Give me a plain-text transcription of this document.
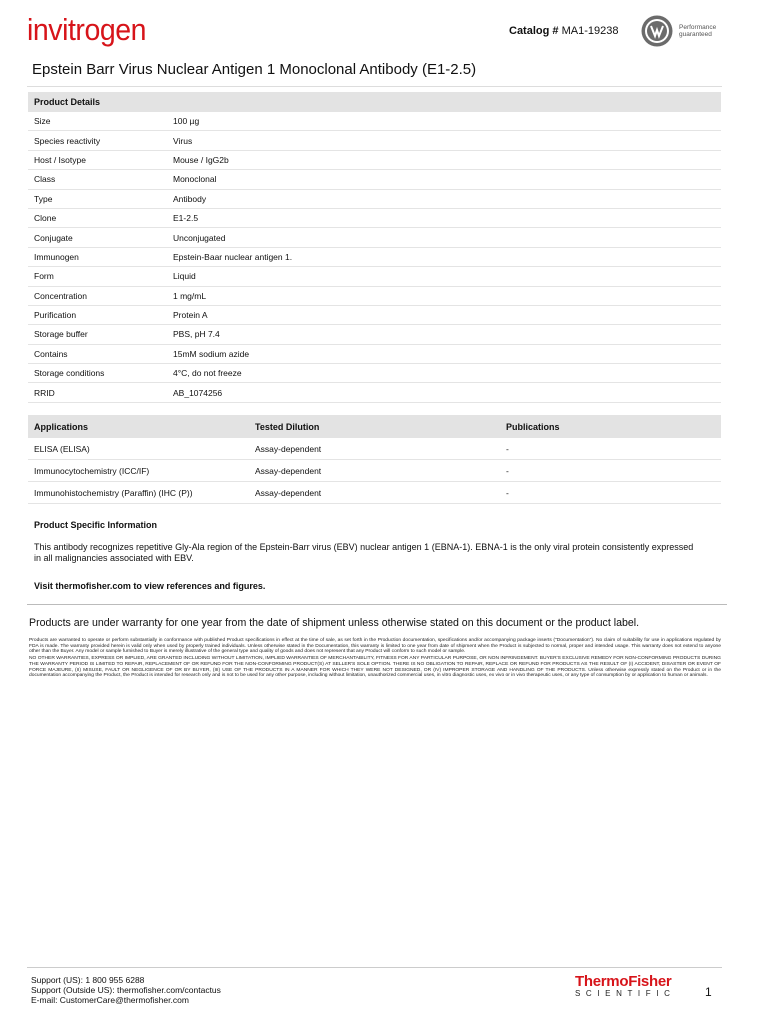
invitrogen	Catalog # MA1-19238	Performance
guaranteed
Epstein Barr Virus Nuclear Antigen 1 Monoclonal Antibody (E1-2.5)
Product Details	
Size	100 µg
Species reactivity	Virus
Host / Isotype	Mouse / IgG2b
Class	Monoclonal
Type	Antibody
Clone	E1-2.5
Conjugate	Unconjugated
Immunogen	Epstein-Baar nuclear antigen 1.
Form	Liquid
Concentration	1 mg/mL
Purification	Protein A
Storage buffer	PBS, pH 7.4
Contains	15mM sodium azide
Storage conditions	4°C, do not freeze
RRID	AB_1074256
Applications	Tested Dilution	Publications
ELISA (ELISA)	Assay-dependent	-
Immunocytochemistry (ICC/IF)	Assay-dependent	-
Immunohistochemistry (Paraffin) (IHC (P))	Assay-dependent	-
Product Specific Information
This antibody recognizes repetitive Gly-Ala region of the Epstein-Barr virus (EBV) nuclear antigen 1 (EBNA-1). EBNA-1 is the only viral protein consistently expressed in all malignancies associated with EBV.
Visit thermofisher.com to view references and figures.
Products are under warranty for one year from the date of shipment unless otherwise stated on this document or the product label.

Products are warranted to operate or perform substantially in conformance with published Product specifications in effect at the time of sale, as set forth in the Production documentation, specifications and/or accompanying package inserts ("Documentation"). No claim of suitability for use in applications regulated by FDA is made. The warranty provided herein is valid only when used by properly trained individuals. Unless otherwise stated in the Documentation, this warranty is limited to one year from date of shipment when the Product is subjected to normal, proper and intended usage. This warranty does not extend to anyone other than the Buyer. Any model or sample furnished to Buyer is merely illustrative of the general type and quality of goods and does not represent that any Product will conform to such model or sample.

NO OTHER WARRANTIES, EXPRESS OR IMPLIED, ARE GRANTED INCLUDING WITHOUT LIMITATION, IMPLIED WARRANTIES OF MERCHANTABILITY, FITNESS FOR ANY PARTICULAR PURPOSE, OR NON INFRINGEMENT. BUYER'S EXCLUSIVE REMEDY FOR NON-CONFORMING PRODUCTS DURING THE WARRANTY PERIOD IS LIMITED TO REPAIR, REPLACEMENT OF OR REFUND FOR THE NON-CONFORMING PRODUCT(S) AT SELLER'S SOLE OPTION. THERE IS NO OBLIGATION TO REPAIR, REPLACE OR REFUND FOR PRODUCTS AS THE RESULT OF (I) ACCIDENT, DISASTER OR EVENT OF FORCE MAJEURE, (II) MISUSE, FAULT OR NEGLIGENCE OF OR BY BUYER, (III) USE OF THE PRODUCTS IN A MANNER FOR WHICH THEY WERE NOT DESIGNED, OR (IV) IMPROPER STORAGE AND HANDLING OF THE PRODUCTS. Unless otherwise expressly stated on the Product or in the documentation accompanying the Product, the Product is intended for research only and is not to be used for any other purpose, including without limitation, unauthorized commercial uses, in vitro diagnostic uses, ex vivo or in vivo therapeutic uses, or any type of consumption by or application to human or animals.

Support (US): 1 800 955 6288
Support (Outside US): thermofisher.com/contactus
E-mail: CustomerCare@thermofisher.com
ThermoFisher
SCIENTIFIC 1
